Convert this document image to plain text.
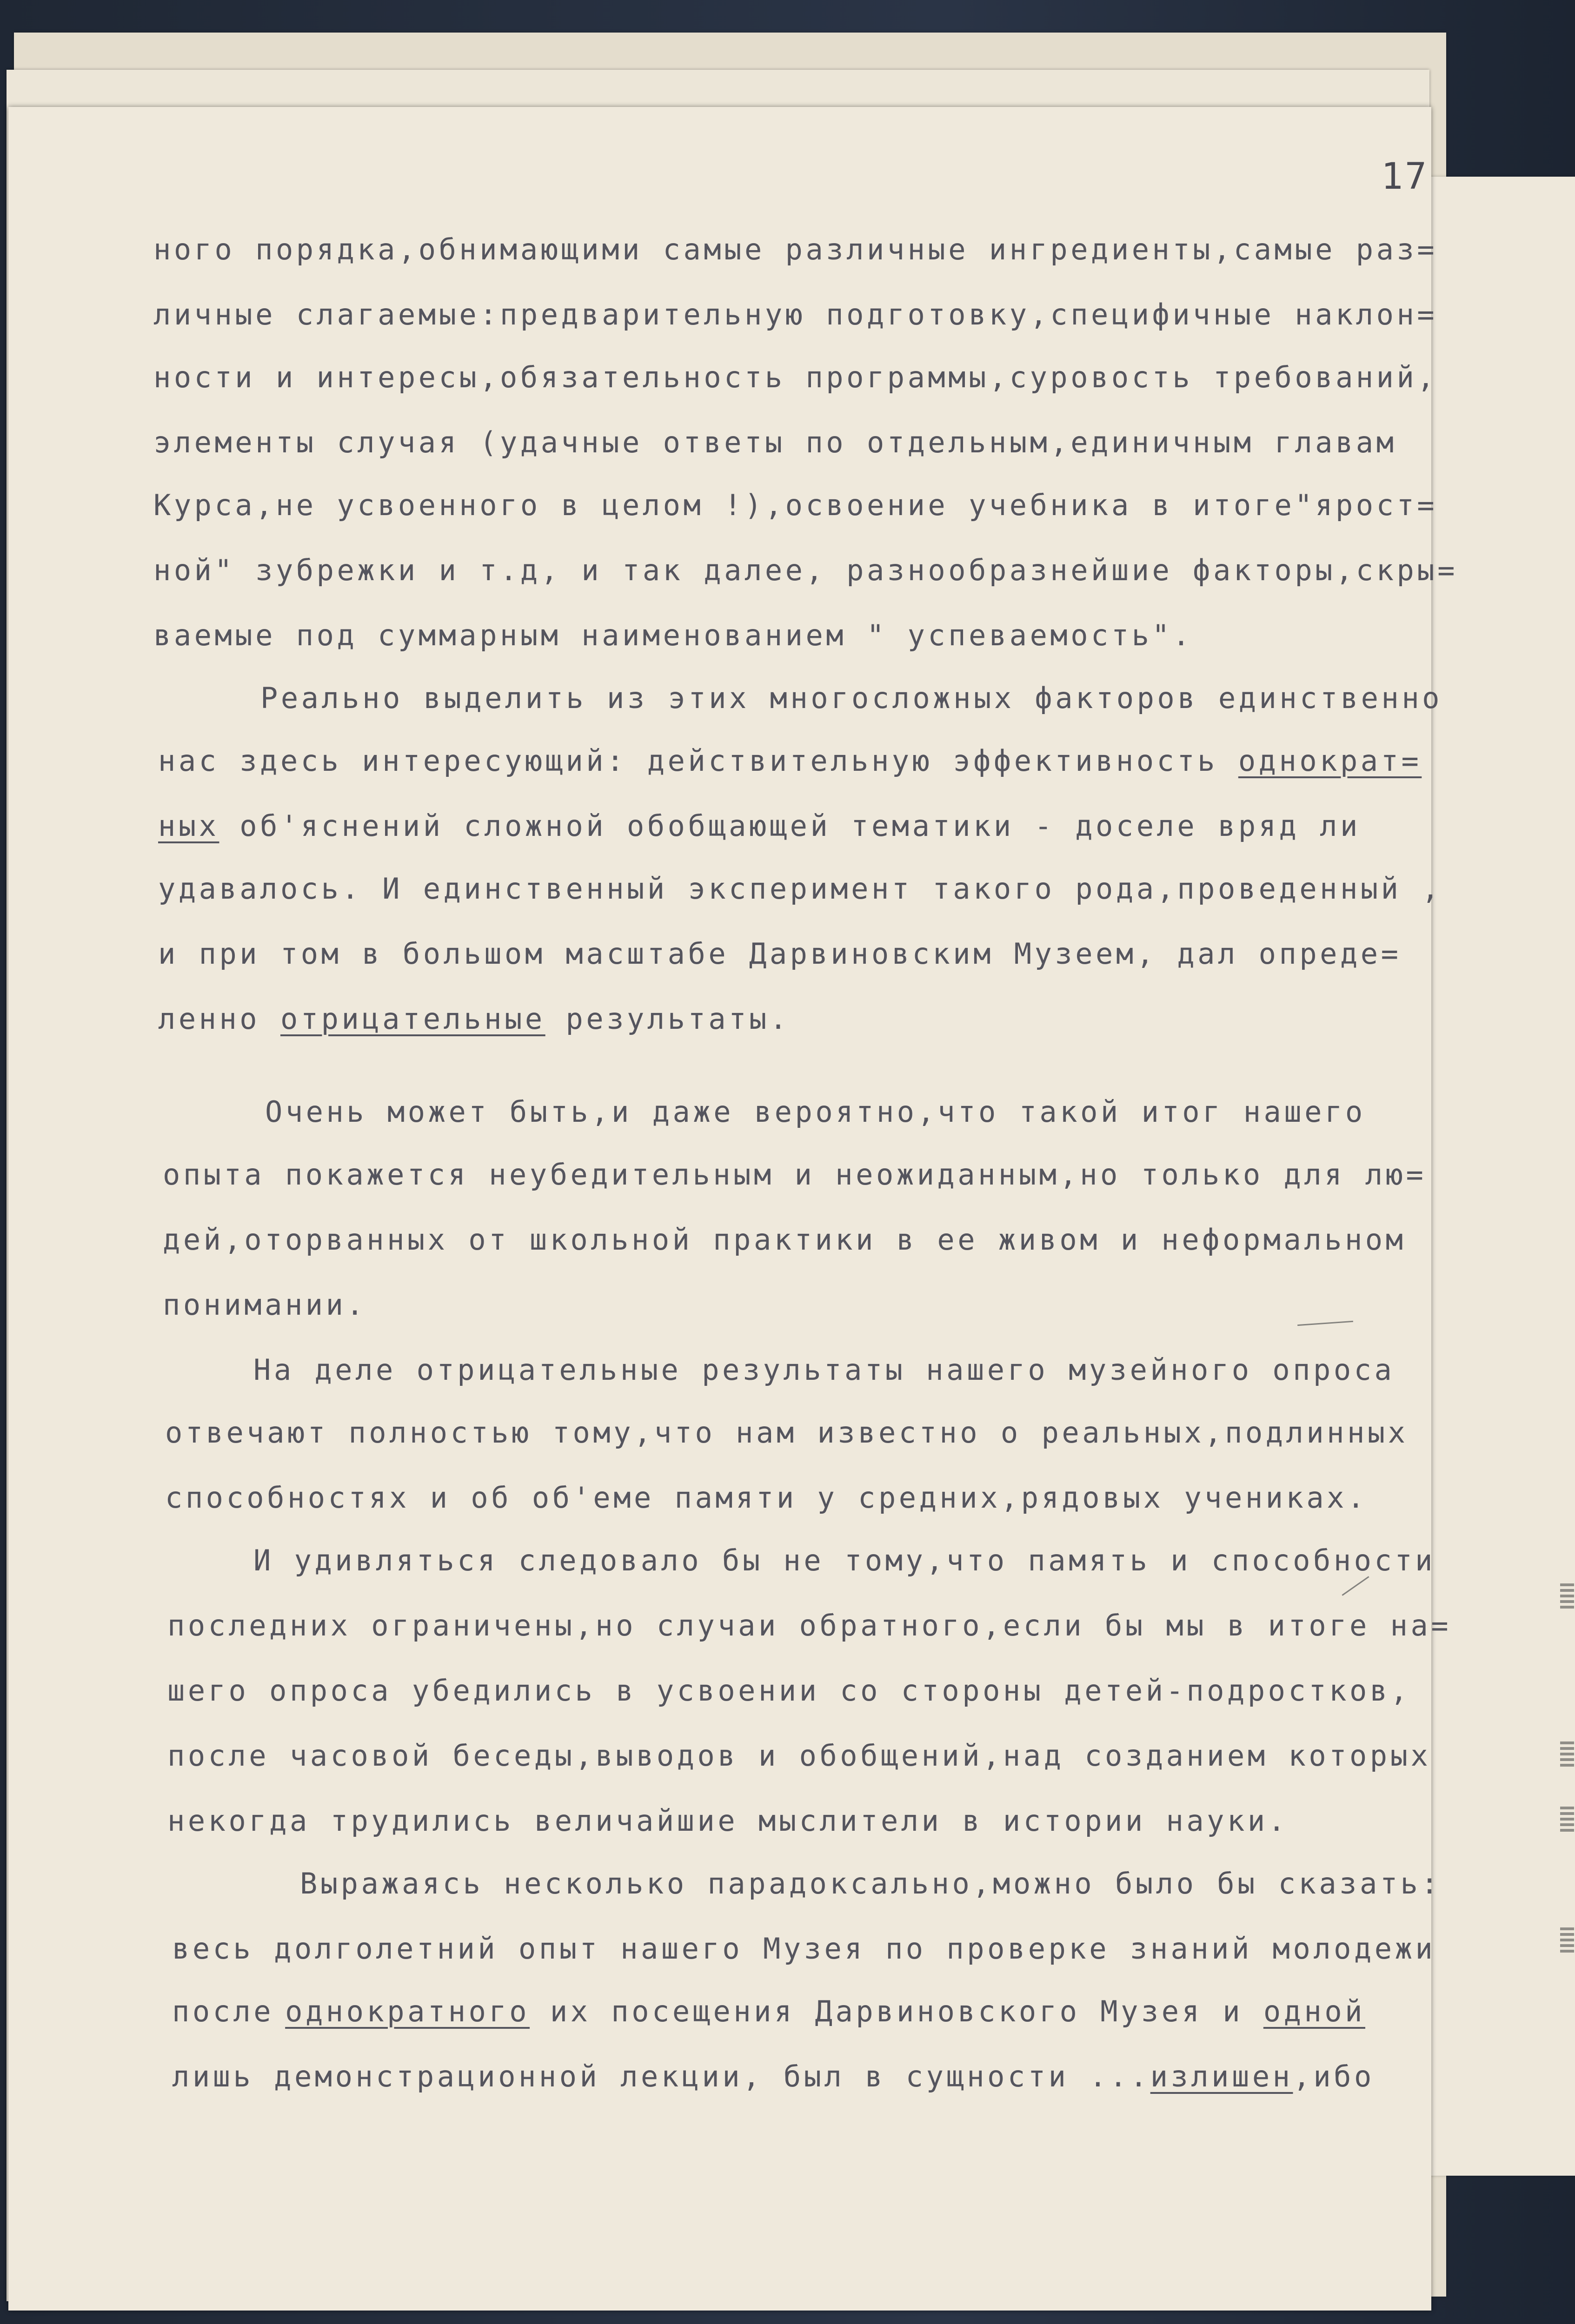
17
ного порядка,обнимающими самые различные ингредиенты,самые раз=
личные слагаемые:предварительную подготовку,специфичные наклон=
ности и интересы,обязательность программы,суровость требований,
элементы случая (удачные ответы по отдельным,единичным главам
Курса,не усвоенного в целом !),освоение учебника в итоге"ярост=
ной" зубрежки и т.д, и так далее, разнообразнейшие факторы,скры=
ваемые под суммарным наименованием " успеваемость".
Реально выделить из этих многосложных факторов единственно
нас здесь интересующий: действительную эффективность однократ=
ных об'яснений сложной обобщающей тематики - доселе вряд ли
удавалось. И единственный эксперимент такого рода,проведенный ,
и при том в большом масштабе Дарвиновским Музеем, дал опреде=
ленно отрицательные результаты.
Очень может быть,и даже вероятно,что такой итог нашего
опыта покажется неубедительным и неожиданным,но только для лю=
дей,оторванных от школьной практики в ее живом и неформальном
понимании.
На деле отрицательные результаты нашего музейного опроса
отвечают полностью тому,что нам известно о реальных,подлинных
способностях и об об'еме памяти у средних,рядовых учениках.
И удивляться следовало бы не тому,что память и способности
последних ограничены,но случаи обратного,если бы мы в итоге на=
шего опроса убедились в усвоении со стороны детей-подростков,
после часовой беседы,выводов и обобщений,над созданием которых
некогда трудились величайшие мыслители в истории науки.
Выражаясь несколько парадоксально,можно было бы сказать:
весь долголетний опыт нашего Музея по проверке знаний молодежи
после однократного их посещения Дарвиновского Музея и одной
лишь демонстрационной лекции, был в сущности ...излишен,ибо
